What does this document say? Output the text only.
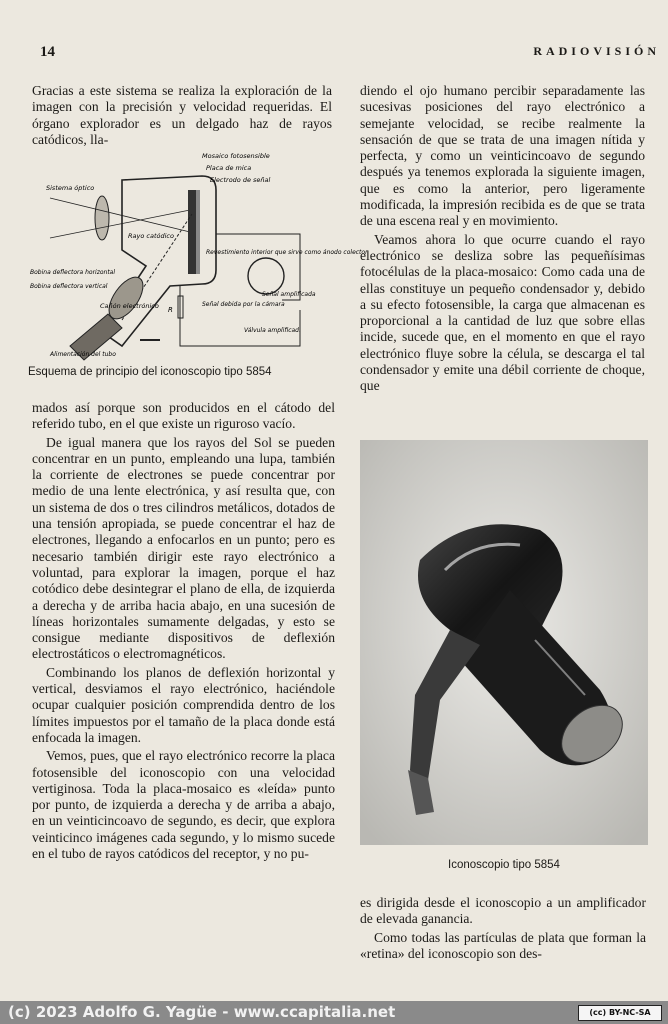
14	RADIOVISIÓN

Gracias a este sistema se realiza la exploración de la imagen con la precisión y velocidad requeridas. El órgano explorador es un delgado haz de rayos catódicos, lla-

Mosaico fotosensible
Placa de mica
Electrodo de señal
Sistema óptico
Rayo catódico
Revestimiento interior que sirve como ánodo colector
Bobina deflectora horizontal
Bobina deflectora vertical
Cañón electrónico	Señal debida por la cámara
Señal amplificada
Válvula amplificad.
Alimentación del tubo
R
Esquema de principio del iconoscopio tipo 5854

mados así porque son producidos en el cátodo del referido tubo, en el que existe un riguroso vacío.

De igual manera que los rayos del Sol se pueden concentrar en un punto, empleando una lupa, también la corriente de electrones se puede concentrar por medio de una lente electrónica, y así resulta que, con un sistema de dos o tres cilindros metálicos, dotados de una tensión apropiada, se puede concentrar el haz de electrones, llegando a enfocarlos en un punto; pero es necesario también dirigir este rayo electrónico a voluntad, para explorar la imagen, porque el haz cotódico debe desintegrar el plano de ella, de izquierda a derecha y de arriba hacia abajo, en una sucesión de líneas horizontales sumamente delgadas, y esto se consigue mediante dispositivos de deflexión electrostáticos o electromagnéticos.

Combinando los planos de deflexión horizontal y vertical, desviamos el rayo electrónico, haciéndole ocupar cualquier posición comprendida dentro de los límites impuestos por el tamaño de la placa donde está enfocada la imagen.

Vemos, pues, que el rayo electrónico recorre la placa fotosensible del iconoscopio con una velocidad vertiginosa. Toda la placa-mosaico es «leída» punto por punto, de izquierda a derecha y de arriba a abajo, en un veinticincoavo de segundo, es decir, que explora veinticinco imágenes cada segundo, y lo mismo sucede en el tubo de rayos catódicos del receptor, y no pu-

diendo el ojo humano percibir separadamente las sucesivas posiciones del rayo electrónico a semejante velocidad, se recibe realmente la sensación de que se trata de una imagen nítida y perfecta, y como un veinticincoavo de segundo después ya tenemos explorada la siguiente imagen, que es como la anterior, pero ligeramente modificada, la impresión recibida es de que se trata de una escena real y en movimiento.

Veamos ahora lo que ocurre cuando el rayo electrónico se desliza sobre las pequeñísimas fotocélulas de la placa-mosaico: Como cada una de ellas constituye un pequeño condensador y, debido a su efecto fotosensible, la carga que almacenan es proporcional a la cantidad de luz que sobre ellas incide, sucede que, en el momento en que el rayo electrónico fluye sobre la célula, se descarga el tal condensador y emite una débil corriente de choque, que

Iconoscopio tipo 5854

es dirigida desde el iconoscopio a un amplificador de elevada ganancia.

Como todas las partículas de plata que forman la «retina» del iconoscopio son des-

(c) 2023 Adolfo G. Yagüe - www.ccapitalia.net	(cc) BY-NC-SA
